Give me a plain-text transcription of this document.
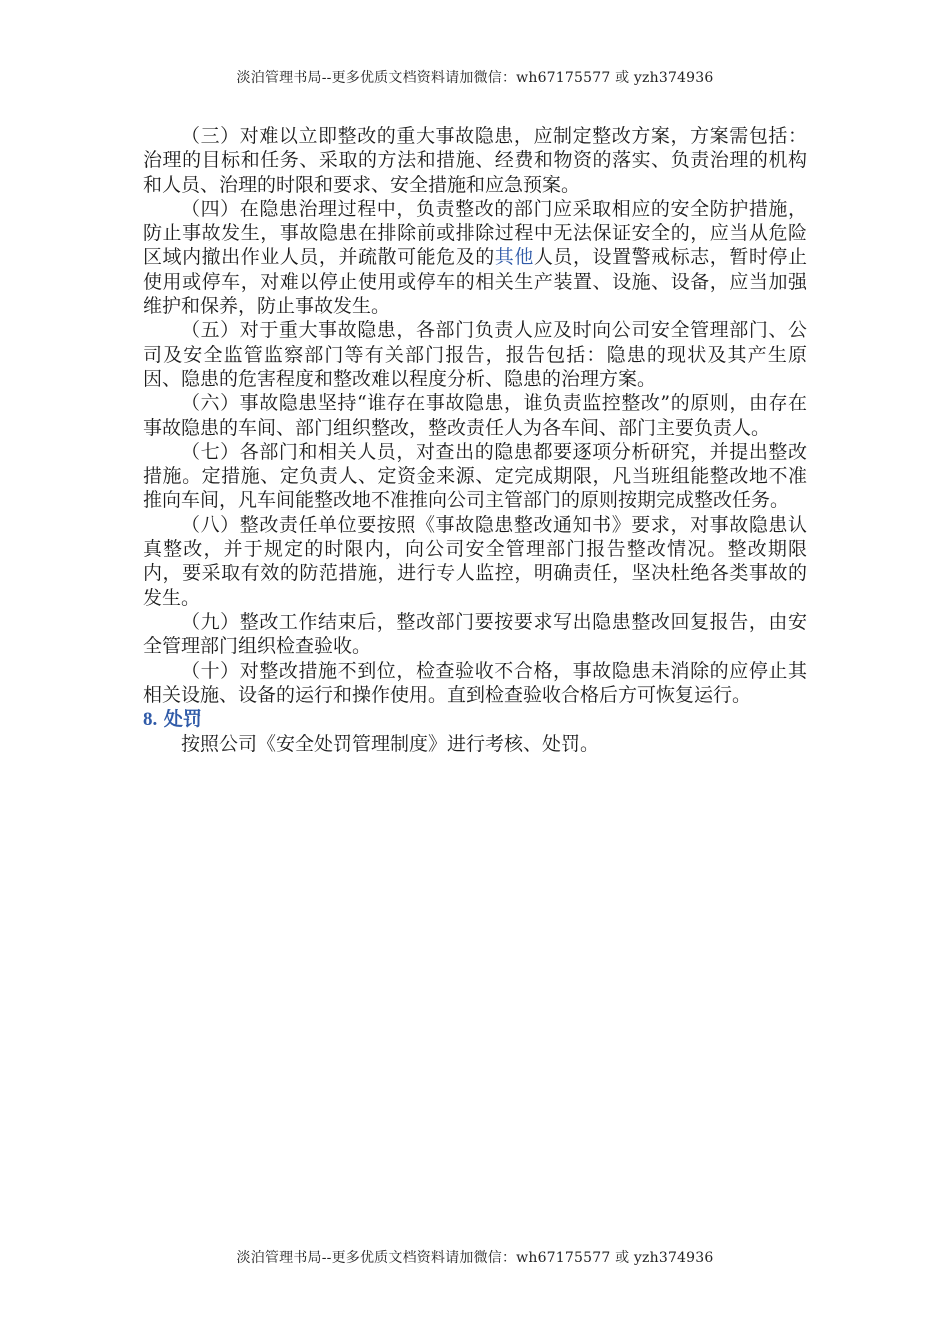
淡泊管理书局--更多优质文档资料请加微信：wh67175577 或 yzh374936

（三）对难以立即整改的重大事故隐患，应制定整改方案，方案需包括：治理的目标和任务、采取的方法和措施、经费和物资的落实、负责治理的机构和人员、治理的时限和要求、安全措施和应急预案。

（四）在隐患治理过程中，负责整改的部门应采取相应的安全防护措施，防止事故发生，事故隐患在排除前或排除过程中无法保证安全的，应当从危险区域内撤出作业人员，并疏散可能危及的其他人员，设置警戒标志，暂时停止使用或停车，对难以停止使用或停车的相关生产装置、设施、设备，应当加强维护和保养，防止事故发生。

（五）对于重大事故隐患，各部门负责人应及时向公司安全管理部门、公司及安全监管监察部门等有关部门报告，报告包括：隐患的现状及其产生原因、隐患的危害程度和整改难以程度分析、隐患的治理方案。

（六）事故隐患坚持“谁存在事故隐患，谁负责监控整改”的原则，由存在事故隐患的车间、部门组织整改，整改责任人为各车间、部门主要负责人。

（七）各部门和相关人员，对查出的隐患都要逐项分析研究，并提出整改措施。定措施、定负责人、定资金来源、定完成期限，凡当班组能整改地不准推向车间，凡车间能整改地不准推向公司主管部门的原则按期完成整改任务。

（八）整改责任单位要按照《事故隐患整改通知书》要求，对事故隐患认真整改，并于规定的时限内，向公司安全管理部门报告整改情况。整改期限内，要采取有效的防范措施，进行专人监控，明确责任，坚决杜绝各类事故的发生。

（九）整改工作结束后，整改部门要按要求写出隐患整改回复报告，由安全管理部门组织检查验收。

（十）对整改措施不到位，检查验收不合格，事故隐患未消除的应停止其相关设施、设备的运行和操作使用。直到检查验收合格后方可恢复运行。

8. 处罚

按照公司《安全处罚管理制度》进行考核、处罚。

淡泊管理书局--更多优质文档资料请加微信：wh67175577 或 yzh374936
